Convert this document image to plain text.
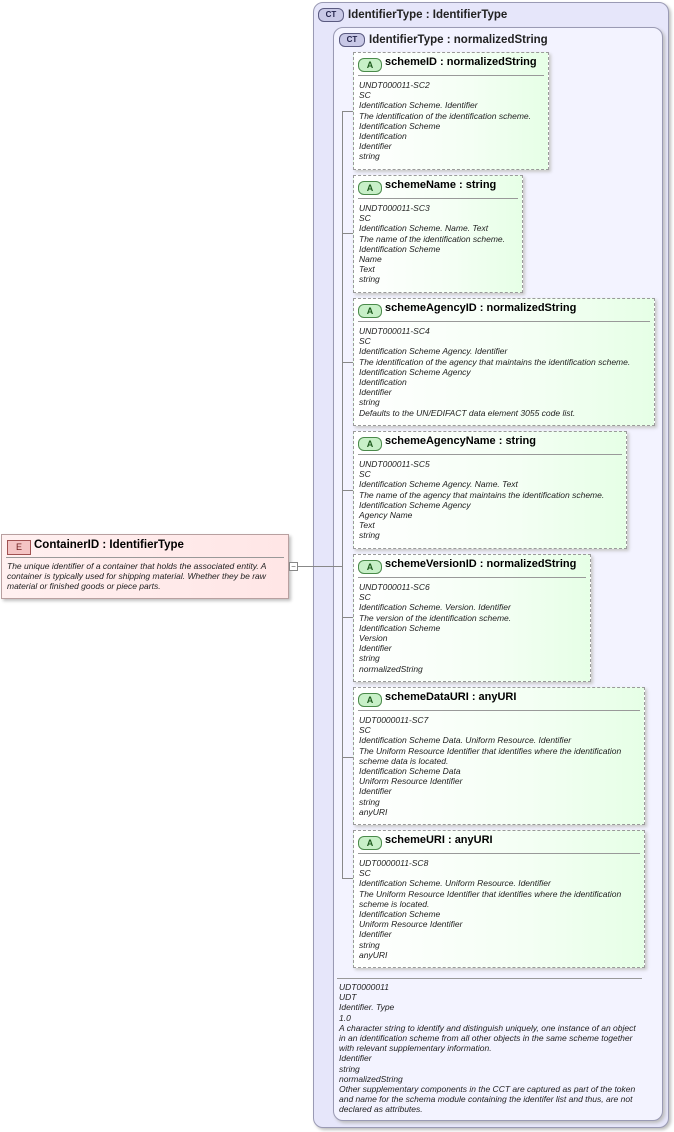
CT IdentifierType : IdentifierType
CT IdentifierType : normalizedString
E	ContainerID : IdentifierType
The unique identifier of a container that holds the associated entity. A container is typically used for shipping material. Whether they be raw material or finished goods or piece parts.
−
A	schemeID : normalizedString
UNDT000011-SC2
SC
Identification Scheme. Identifier
The identification of the identification scheme.
Identification Scheme
Identification
Identifier
string
A	schemeName : string
UNDT000011-SC3
SC
Identification Scheme. Name. Text
The name of the identification scheme.
Identification Scheme
Name
Text
string
A	schemeAgencyID : normalizedString
UNDT000011-SC4
SC
Identification Scheme Agency. Identifier
The identification of the agency that maintains the identification scheme.
Identification Scheme Agency
Identification
Identifier
string
Defaults to the UN/EDIFACT data element 3055 code list.
A	schemeAgencyName : string
UNDT000011-SC5
SC
Identification Scheme Agency. Name. Text
The name of the agency that maintains the identification scheme.
Identification Scheme Agency
Agency Name
Text
string
A	schemeVersionID : normalizedString
UNDT000011-SC6
SC
Identification Scheme. Version. Identifier
The version of the identification scheme.
Identification Scheme
Version
Identifier
string
normalizedString
A	schemeDataURI : anyURI
UDT0000011-SC7
SC
Identification Scheme Data. Uniform Resource. Identifier
The Uniform Resource Identifier that identifies where the identification scheme data is located.
Identification Scheme Data
Uniform Resource Identifier
Identifier
string
anyURI
A	schemeURI : anyURI
UDT0000011-SC8
SC
Identification Scheme. Uniform Resource. Identifier
The Uniform Resource Identifier that identifies where the identification scheme is located.
Identification Scheme
Uniform Resource Identifier
Identifier
string
anyURI
UDT0000011
UDT
Identifier. Type
1.0
A character string to identify and distinguish uniquely, one instance of an object in an identification scheme from all other objects in the same scheme together with relevant supplementary information.
Identifier
string
normalizedString
Other supplementary components in the CCT are captured as part of the token and name for the schema module containing the identifer list and thus, are not declared as attributes.
